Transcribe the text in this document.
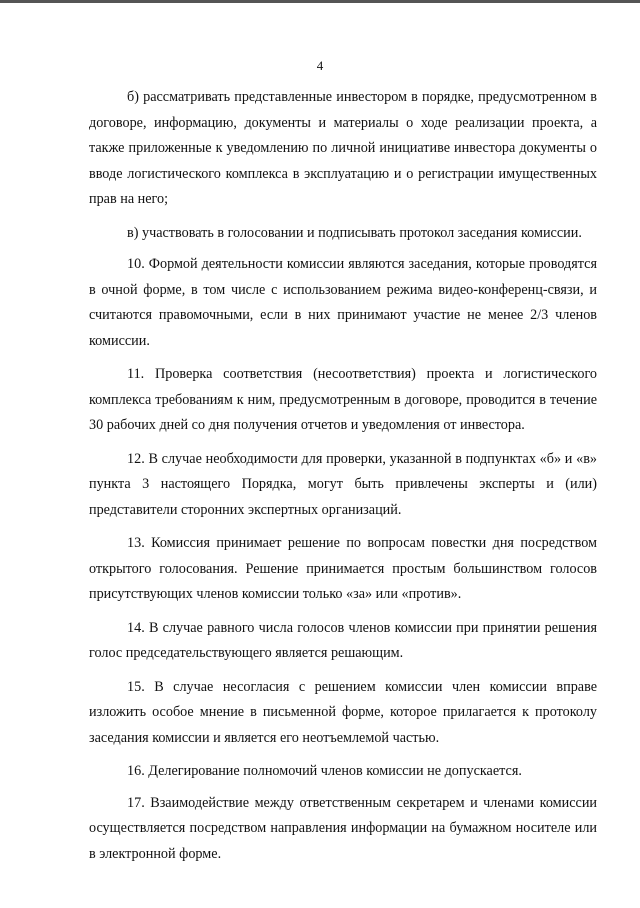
4

б) рассматривать представленные инвестором в порядке, предусмотренном в договоре, информацию, документы и материалы о ходе реализации проекта, а также приложенные к уведомлению по личной инициативе инвестора документы о вводе логистического комплекса в эксплуатацию и о регистрации имущественных прав на него;

в) участвовать в голосовании и подписывать протокол заседания комиссии.

10. Формой деятельности комиссии являются заседания, которые проводятся в очной форме, в том числе с использованием режима видео-конференц-связи, и считаются правомочными, если в них принимают участие не менее 2/3 членов комиссии.

11. Проверка соответствия (несоответствия) проекта и логистического комплекса требованиям к ним, предусмотренным в договоре, проводится в течение 30 рабочих дней со дня получения отчетов и уведомления от инвестора.

12. В случае необходимости для проверки, указанной в подпунктах «б» и «в» пункта 3 настоящего Порядка, могут быть привлечены эксперты и (или) представители сторонних экспертных организаций.

13. Комиссия принимает решение по вопросам повестки дня посредством открытого голосования. Решение принимается простым большинством голосов присутствующих членов комиссии только «за» или «против».

14. В случае равного числа голосов членов комиссии при принятии решения голос председательствующего является решающим.

15. В случае несогласия с решением комиссии член комиссии вправе изложить особое мнение в письменной форме, которое прилагается к протоколу заседания комиссии и является его неотъемлемой частью.

16. Делегирование полномочий членов комиссии не допускается.

17. Взаимодействие между ответственным секретарем и членами комиссии осуществляется посредством направления информации на бумажном носителе или в электронной форме.
